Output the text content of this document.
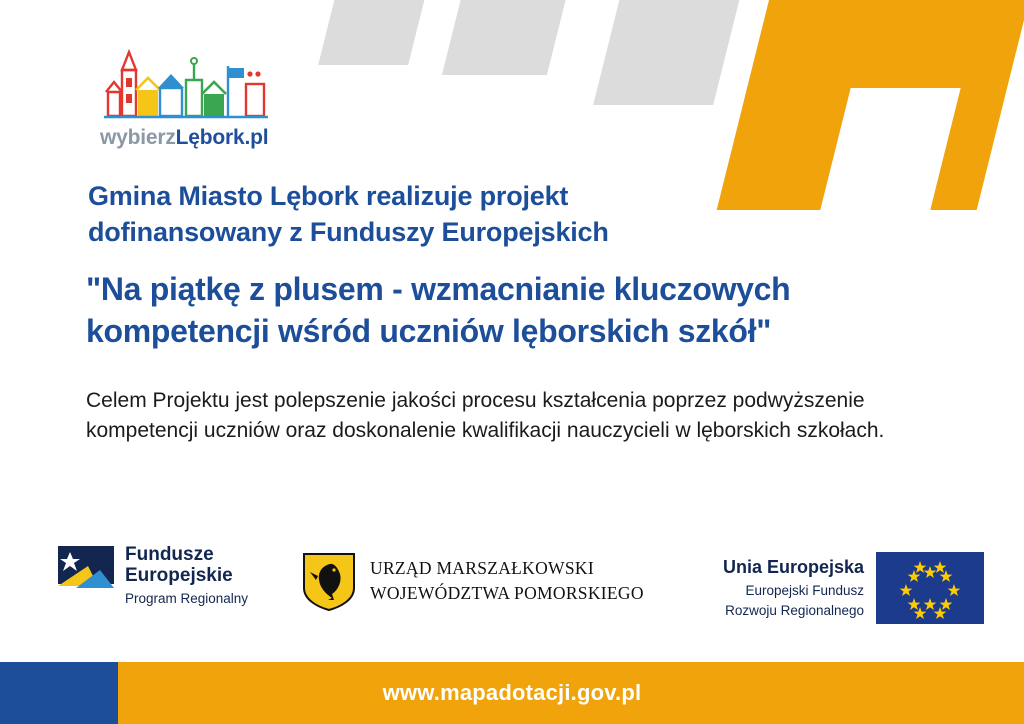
wybierzLębork.pl
Gmina Miasto Lębork realizuje projekt
dofinansowany z Funduszy Europejskich
"Na piątkę z plusem - wzmacnianie kluczowych
kompetencji wśród uczniów lęborskich szkół"
Celem Projektu jest polepszenie jakości procesu kształcenia poprzez podwyższenie kompetencji uczniów oraz doskonalenie kwalifikacji nauczycieli w lęborskich szkołach.
Fundusze
Europejskie
Program Regionalny
URZĄD MARSZAŁKOWSKI
WOJEWÓDZTWA POMORSKIEGO
Unia Europejska
Europejski Fundusz
Rozwoju Regionalnego
www.mapadotacji.gov.pl
